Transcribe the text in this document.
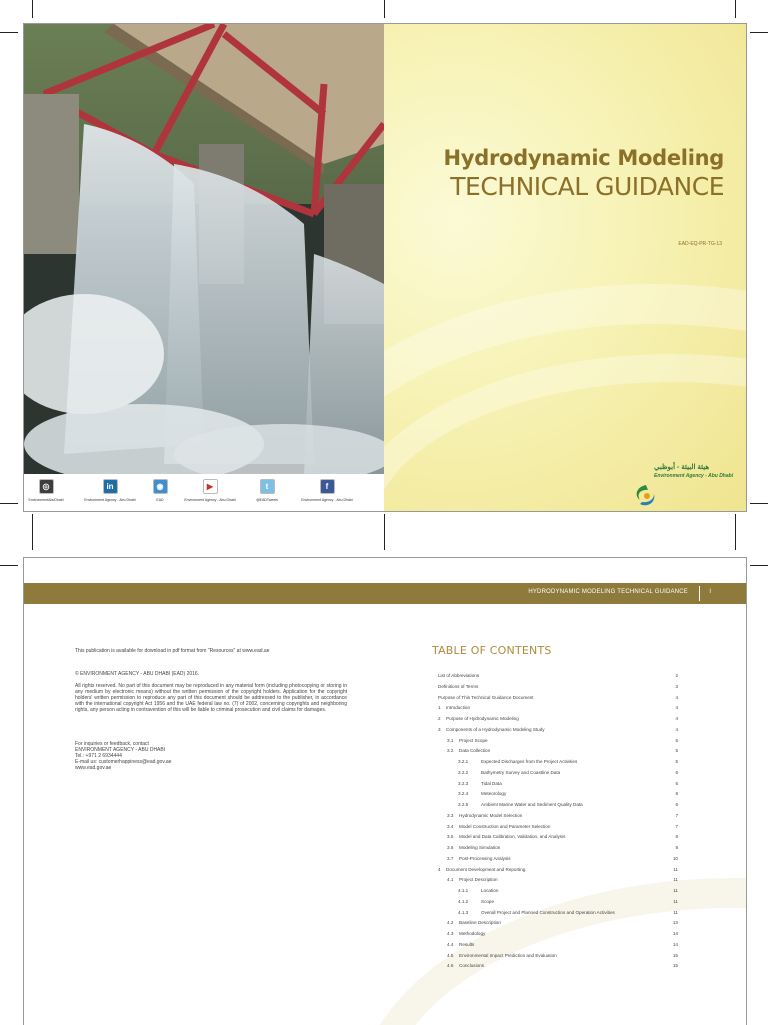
◎
EnvironmentAbuDhabi
in
Environment Agency - Abu Dhabi
◉
EAD
▶
Environment Agency - Abu Dhabi
t
@EADTweets
f
Environment Agency - Abu Dhabi
Hydrodynamic Modeling
TECHNICAL GUIDANCE
EAD-EQ-PR-TG-13
هيئة البيئة - أبوظبي
Environment Agency - Abu Dhabi
HYDRODYNAMIC MODELING TECHNICAL GUIDANCE	I
This publication is available for download in pdf format from "Resources" at www.ead.ae
© ENVIRONMENT AGENCY - ABU DHABI (EAD) 2016.
All rights reserved. No part of this document may be reproduced in any material form (including photocopying or storing in any medium by electronic means) without the written permission of the copyright holders. Application for the copyright holders' written permission to reproduce any part of this document should be addressed to the publisher, in accordance with the international copyright Act 1956 and the UAE federal law no. (7) of 2002, concerning copyrights and neighboring rights, any person acting in contravention of this will be liable to criminal prosecution and civil claims for damages.
For inquiries or feedback, contact
ENVIRONMENT AGENCY - ABU DHABI
Tel.: +971 2 6934444
E-mail us: customerhappiness@ead.gov.ae
www.ead.gov.ae
TABLE OF CONTENTS
List of Abbreviations	2
Definitions of Terms	3
Purpose of This Technical Guidance Document	4
1 Introduction	4
2 Purpose of Hydrodynamic Modeling	4
3 Components of a Hydrodynamic Modeling Study	4
3.1 Project Scope	5
3.2 Data Collection	5
3.2.1	Expected Discharges from the Project Activities	5
3.2.2	Bathymetry Survey and Coastline Data	6
3.2.3	Tidal Data	6
3.2.4	Meteorology	6
3.2.5	Ambient Marine Water and Sediment Quality Data	6
3.3 Hydrodynamic Model Selection	7
3.4 Model Construction and Parameter Selection	7
3.5 Model and Data Calibration, Validation, and Analysis	8
3.6 Modeling Simulation	8
3.7 Post-Processing Analysis	10
4 Document Development and Reporting	11
4.1 Project Description	11
4.1.1	Location	11
4.1.2	Scope	11
4.1.3	Overall Project and Planned Construction and Operation Activities	11
4.2 Baseline Description	13
4.3 Methodology	14
4.4 Results	14
4.5 Environmental Impact Prediction and Evaluation	15
4.6 Conclusions	15
